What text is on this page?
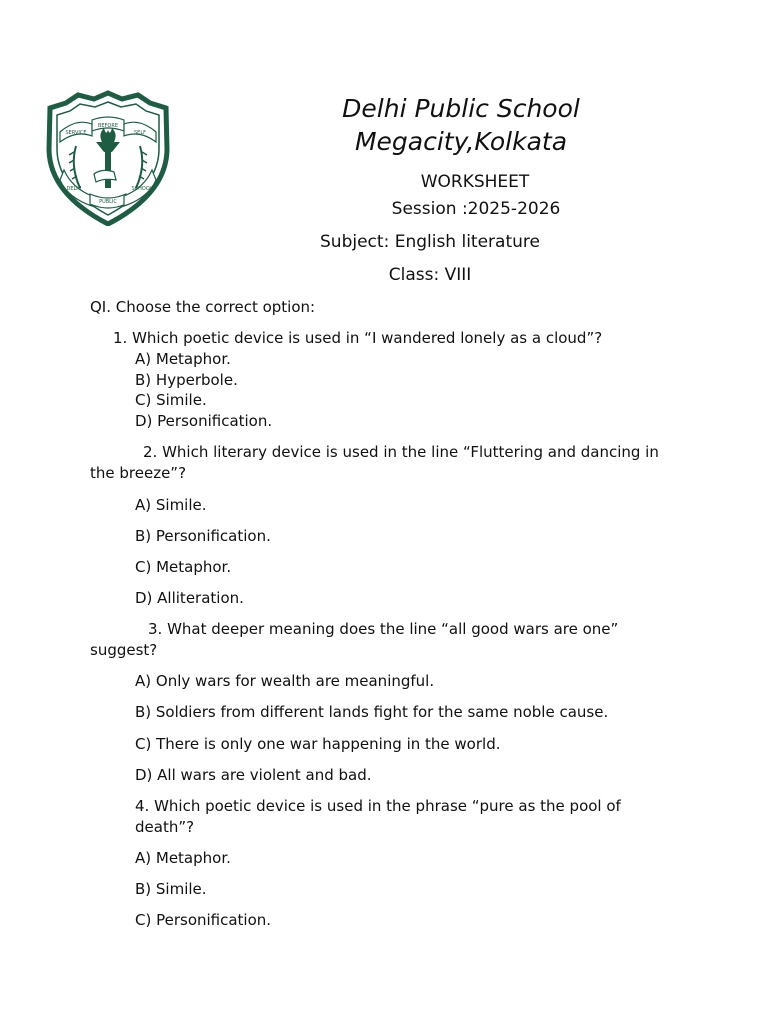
SERVICE
BEFORE
SELF
DELHI
PUBLIC
SCHOOL
Delhi Public School
Megacity,Kolkata
WORKSHEET
Session :2025-2026
Subject: English literature
Class: VIII
QI. Choose the correct option:
1. Which poetic device is used in “I wandered lonely as a cloud”?
A) Metaphor.
B) Hyperbole.
C) Simile.
D) Personification.
2. Which literary device is used in the line “Fluttering and dancing in
the breeze”?
A) Simile.
B) Personification.
C) Metaphor.
D) Alliteration.
3. What deeper meaning does the line “all good wars are one”
suggest?
A) Only wars for wealth are meaningful.
B) Soldiers from different lands fight for the same noble cause.
C) There is only one war happening in the world.
D) All wars are violent and bad.
4. Which poetic device is used in the phrase “pure as the pool of
death”?
A) Metaphor.
B) Simile.
C) Personification.
